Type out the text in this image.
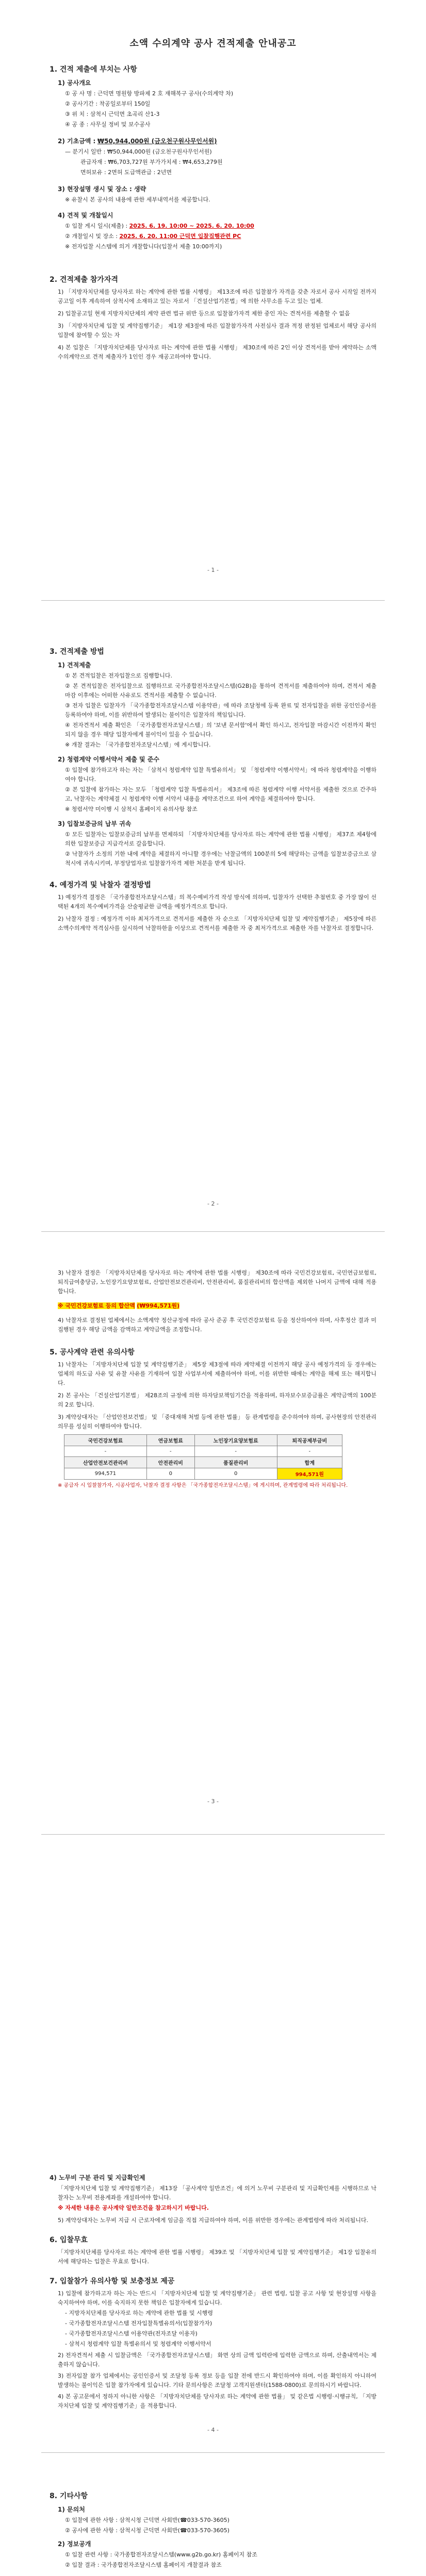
소액 수의계약 공사 견적제출 안내공고
1. 견적 제출에 부치는 사항
1) 공사개요
① 공 사 명 : 근덕면 명원항 방파제 2 호 재해복구 공사(수의계약 차)
② 공사기간 : 착공일로부터 150일
③ 위 치 : 삼척시 근덕면 초곡리 산1-3
④ 공 종 : 사무실 정비 및 보수공사
2) 기초금액 : ₩50,944,000원 (금오천구원사무인서원)
— 분기시 일반 : ₩50,944,000원 (금오천구원사무인서원)
관급자재 : ₩6,703,727원 부가가치세 : ₩4,653,279원
면허보유 : 2면허 도급액관급 : 2년면
3) 현장설명 생시 및 장소 : 생략
※ 유찰시 본 공사의 내용에 관한 세부내역서를 제공합니다.
4) 견적 및 개찰일시
① 입찰 게시 일시(제출) : 2025. 6. 19. 10:00 ~ 2025. 6. 20. 10:00
② 개찰일시 및 장소 : 2025. 6. 20. 11:00 근덕면 입찰집행관련 PC
※ 전자입찰 시스템에 의거 개찰합니다(입찰서 제출 10:00까지)
2. 견적제출 참가자격
1) 「지방자치단체를 당사자로 하는 계약에 관한 법률 시행령」 제13조에 따른 입찰참가 자격을 갖춘 자로서 공사 시작일 전까지 공고일 이후 계속하여 삼척시에 소재하고 있는 자로서 「건설산업기본법」에 의한 사무소를 두고 있는 업체.
2) 입찰공고일 현재 지방자치단체의 계약 관련 법규 위반 등으로 입찰참가자격 제한 중인 자는 견적서를 제출할 수 없음
3) 「지방자치단체 입찰 및 계약집행기준」 제1장 제3절에 따른 입찰참가자격 사전심사 결과 적정 판정된 업체로서 해당 공사의 입찰에 참여할 수 있는 자
4) 본 입찰은 「지방자치단체를 당사자로 하는 계약에 관한 법률 시행령」 제30조에 따른 2인 이상 견적서를 받아 계약하는 소액수의계약으로 견적 제출자가 1인인 경우 재공고하여야 합니다.
- 1 -
3. 견적제출 방법
1) 견적제출
① 본 견적입찰은 전자입찰으로 집행합니다.
② 본 견적입찰은 전자입찰으로 집행하므로 국가종합전자조달시스템(G2B)을 통하여 견적서를 제출하여야 하며, 견적서 제출 마감 이후에는 어떠한 사유로도 견적서를 제출할 수 없습니다.
③ 전자 입찰은 입찰자가 「국가종합전자조달시스템 이용약관」에 따라 조달청에 등록 완료 및 전자입찰을 위한 공인인증서를 등록하여야 하며, 이를 위반하여 발생되는 불이익은 입찰자의 책임입니다.
④ 전자견적서 제출 확인은 「국가종합전자조달시스템」의 '보낸 문서함'에서 확인 하시고, 전자입찰 마감시간 이전까지 확인되지 않을 경우 해당 입찰자에게 불이익이 있을 수 있습니다.
※ 개찰 결과는 「국가종합전자조달시스템」에 게시합니다.
2) 청렴계약 이행서약서 제출 및 준수
① 입찰에 참가하고자 하는 자는 「삼척시 청렴계약 입찰 특별유의서」 및 「청렴계약 이행서약서」에 따라 청렴계약을 이행하여야 합니다.
② 본 입찰에 참가하는 자는 모두 「청렴계약 입찰 특별유의서」 제3조에 따른 청렴계약 이행 서약서를 제출한 것으로 간주하고, 낙찰자는 계약체결 시 청렴계약 이행 서약서 내용을 계약조건으로 하여 계약을 체결하여야 합니다.
※ 청렴서약 미이행 시 삼척시 홈페이지 유의사항 참조
3) 입찰보증금의 납부 귀속
① 모든 입찰자는 입찰보증금의 납부를 면제하되 「지방자치단체를 당사자로 하는 계약에 관한 법률 시행령」 제37조 제4항에 의한 입찰보증금 지급각서로 갈음합니다.
② 낙찰자가 소정의 기한 내에 계약을 체결하지 아니할 경우에는 낙찰금액의 100분의 5에 해당하는 금액을 입찰보증금으로 삼척시에 귀속시키며, 부정당업자로 입찰참가자격 제한 처분을 받게 됩니다.
4. 예정가격 및 낙찰자 결정방법
1) 예정가격 결정은 「국가종합전자조달시스템」의 복수예비가격 작성 방식에 의하며, 입찰자가 선택한 추첨번호 중 가장 많이 선택된 4개의 복수예비가격을 산술평균한 금액을 예정가격으로 합니다.
2) 낙찰자 결정 : 예정가격 이하 최저가격으로 견적서를 제출한 자 순으로 「지방자치단체 입찰 및 계약집행기준」 제5장에 따른 소액수의계약 적격심사를 실시하여 낙찰하한율 이상으로 견적서를 제출한 자 중 최저가격으로 제출한 자를 낙찰자로 결정합니다.
- 2 -
3) 낙찰자 결정은 「지방자치단체를 당사자로 하는 계약에 관한 법률 시행령」 제30조에 따라 국민건강보험료, 국민연금보험료, 퇴직급여충당금, 노인장기요양보험료, 산업안전보건관리비, 안전관리비, 품질관리비의 합산액을 제외한 나머지 금액에 대해 적용합니다.
※ 국민건강보험료 등의 합산액 (₩994,571원)
4) 낙찰자로 결정된 업체에서는 소액계약 정산규정에 따라 공사 준공 후 국민건강보험료 등을 정산하여야 하며, 사후정산 결과 미집행된 경우 해당 금액을 감액하고 계약금액을 조정합니다.
5. 공사계약 관련 유의사항
1) 낙찰자는 「지방자치단체 입찰 및 계약집행기준」 제5장 제3절에 따라 계약체결 이전까지 해당 공사 예정가격의 등 경우에는 업체의 하도급 사유 및 유찰 사유를 기재하여 입찰 사업부서에 제출하여야 하며, 이를 위반한 때에는 계약을 해제 또는 해지합니다.
2) 본 공사는 「건설산업기본법」 제28조의 규정에 의한 하자담보책임기간을 적용하며, 하자보수보증금률은 계약금액의 100분의 2로 합니다.
3) 계약상대자는 「산업안전보건법」 및 「중대재해 처벌 등에 관한 법률」 등 관계법령을 준수하여야 하며, 공사현장의 안전관리 의무를 성실히 이행하여야 합니다.
국민건강보험료	연금보험료	노인장기요양보험료	퇴직공제부금비
-	-	-	-
산업안전보건관리비	안전관리비	품질관리비	합계
994,571	0	0	994,571원
※ 공급자 시 입찰참가자, 시공사업자, 낙찰자 결정 사항은 「국가종합전자조달시스템」에 게시하며, 관계법령에 따라 처리됩니다.
- 3 -
4) 노무비 구분 관리 및 지급확인제
「지방자치단체 입찰 및 계약집행기준」 제13장 「공사계약 일반조건」에 의거 노무비 구분관리 및 지급확인제를 시행하므로 낙찰자는 노무비 전용계좌를 개설하여야 합니다.
※ 자세한 내용은 공사계약 일반조건을 참고하시기 바랍니다.
5) 계약상대자는 노무비 지급 시 근로자에게 임금을 직접 지급하여야 하며, 이를 위반한 경우에는 관계법령에 따라 처리됩니다.
6. 입찰무효
「지방자치단체를 당사자로 하는 계약에 관한 법률 시행령」 제39조 및 「지방자치단체 입찰 및 계약집행기준」 제1장 입찰유의서에 해당하는 입찰은 무효로 합니다.
7. 입찰참가 유의사항 및 보충정보 제공
1) 입찰에 참가하고자 하는 자는 반드시 「지방자치단체 입찰 및 계약집행기준」 관련 법령, 입찰 공고 사항 및 현장설명 사항을 숙지하여야 하며, 이를 숙지하지 못한 책임은 입찰자에게 있습니다.
- 지방자치단체를 당사자로 하는 계약에 관한 법률 및 시행령
- 국가종합전자조달시스템 전자입찰특별유의서(입찰참가자)
- 국가종합전자조달시스템 이용약관(전자조달 이용자)
- 삼척시 청렴계약 입찰 특별유의서 및 청렴계약 이행서약서
2) 전자견적서 제출 시 입찰금액은 「국가종합전자조달시스템」 화면 상의 금액 입력란에 입력한 금액으로 하며, 산출내역서는 제출하지 않습니다.
3) 전자입찰 참가 업체에서는 공인인증서 및 조달청 등록 정보 등을 입찰 전에 반드시 확인하여야 하며, 이를 확인하지 아니하여 발생하는 불이익은 입찰 참가자에게 있습니다. 기타 문의사항은 조달청 고객지원센터(1588-0800)로 문의하시기 바랍니다.
4) 본 공고문에서 정하지 아니한 사항은 「지방자치단체를 당사자로 하는 계약에 관한 법률」 및 같은법 시행령·시행규칙, 「지방자치단체 입찰 및 계약집행기준」을 적용합니다.
- 4 -
8. 기타사항
1) 문의처
① 입찰에 관한 사항 : 삼척시청 근덕면 사회반(☎033-570-3605)
② 공사에 관한 사항 : 삼척시청 근덕면 사회반(☎033-570-3605)
2) 정보공개
① 입찰 관련 사항 : 국가종합전자조달시스템(www.g2b.go.kr) 홈페이지 참조
② 입찰 결과 : 국가종합전자조달시스템 홈페이지 개찰결과 참조
